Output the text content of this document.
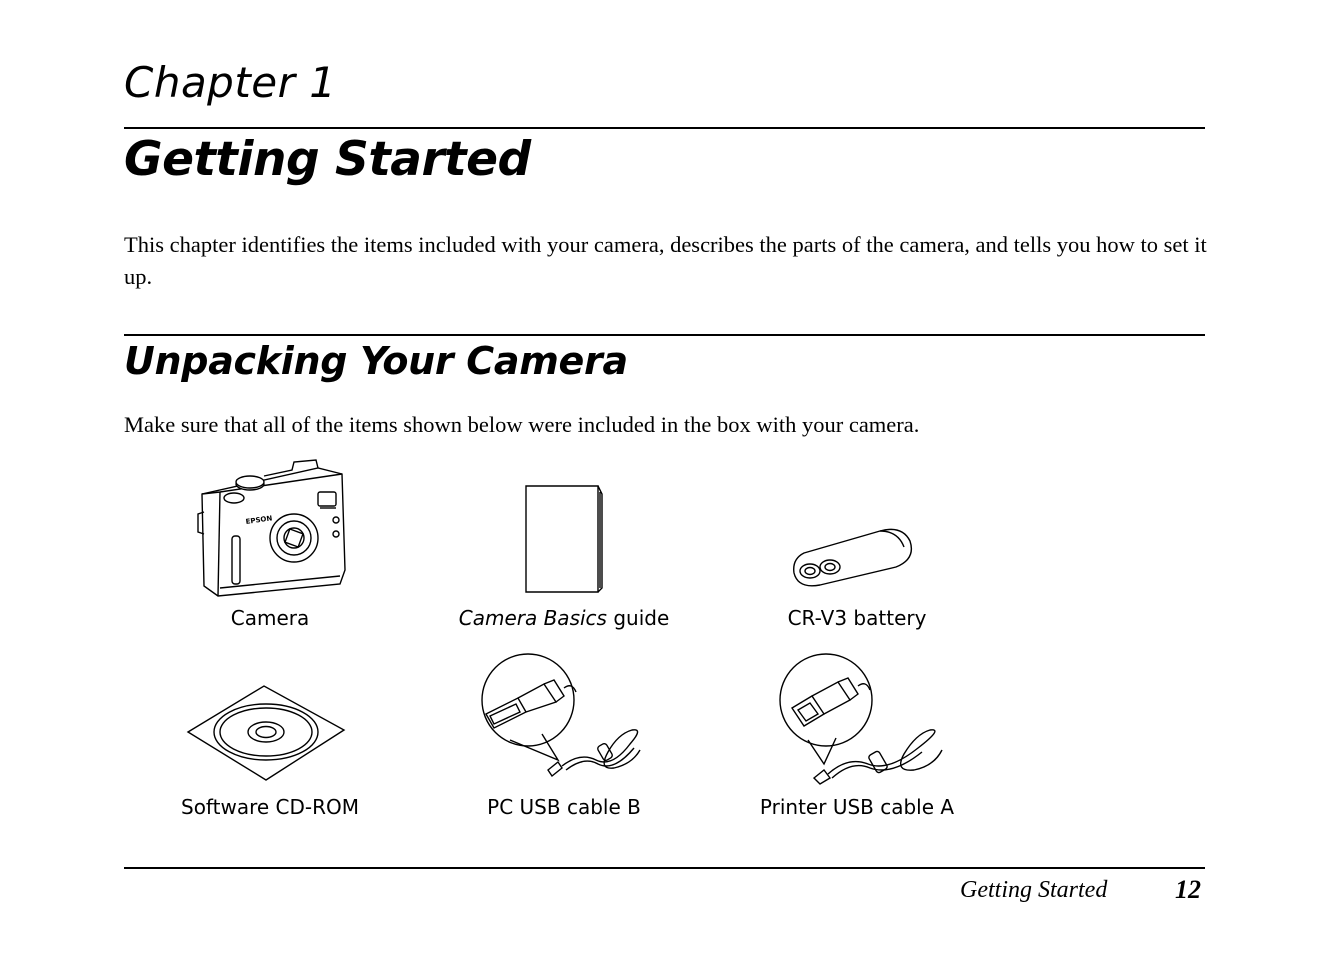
Chapter 1
Getting Started
This chapter identifies the items included with your camera, describes the parts of the camera, and tells you how to set it up.
Unpacking Your Camera
Make sure that all of the items shown below were included in the box with your camera.
EPSON
Camera	Camera Basics guide	CR-V3 battery
Software CD-ROM	PC USB cable B	Printer USB cable A
Getting Started	12
